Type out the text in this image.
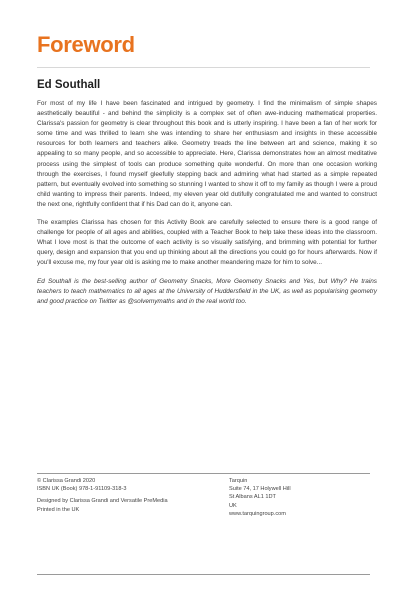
Foreword
Ed Southall

For most of my life I have been fascinated and intrigued by geometry. I find the minimalism of simple shapes aesthetically beautiful - and behind the simplicity is a complex set of often awe-inducing mathematical properties. Clarissa's passion for geometry is clear throughout this book and is utterly inspiring. I have been a fan of her work for some time and was thrilled to learn she was intending to share her enthusiasm and insights in these accessible resources for both learners and teachers alike. Geometry treads the line between art and science, making it so appealing to so many people, and so accessible to appreciate. Here, Clarissa demonstrates how an almost meditative process using the simplest of tools can produce something quite wonderful. On more than one occasion working through the exercises, I found myself gleefully stepping back and admiring what had started as a simple repeated pattern, but eventually evolved into something so stunning I wanted to show it off to my family as though I were a proud child wanting to impress their parents. Indeed, my eleven year old dutifully congratulated me and wanted to construct the next one, rightfully confident that if his Dad can do it, anyone can.

The examples Clarissa has chosen for this Activity Book are carefully selected to ensure there is a good range of challenge for people of all ages and abilities, coupled with a Teacher Book to help take these ideas into the classroom. What I love most is that the outcome of each activity is so visually satisfying, and brimming with potential for further query, design and expansion that you end up thinking about all the directions you could go for hours afterwards. Now if you'll excuse me, my four year old is asking me to make another meandering maze for him to solve...

Ed Southall is the best-selling author of Geometry Snacks, More Geometry Snacks and Yes, but Why? He trains teachers to teach mathematics to all ages at the University of Huddersfield in the UK, as well as popularising geometry and good practice on Twitter as @solvemymaths and in the real world too.

© Clarissa Grandi 2020
ISBN UK (Book) 978-1-91109-318-3
Designed by Clarissa Grandi and Versatile PreMedia
Printed in the UK
Tarquin
Suite 74, 17 Holywell Hill
St Albans AL1 1DT
UK
www.tarquingroup.com
